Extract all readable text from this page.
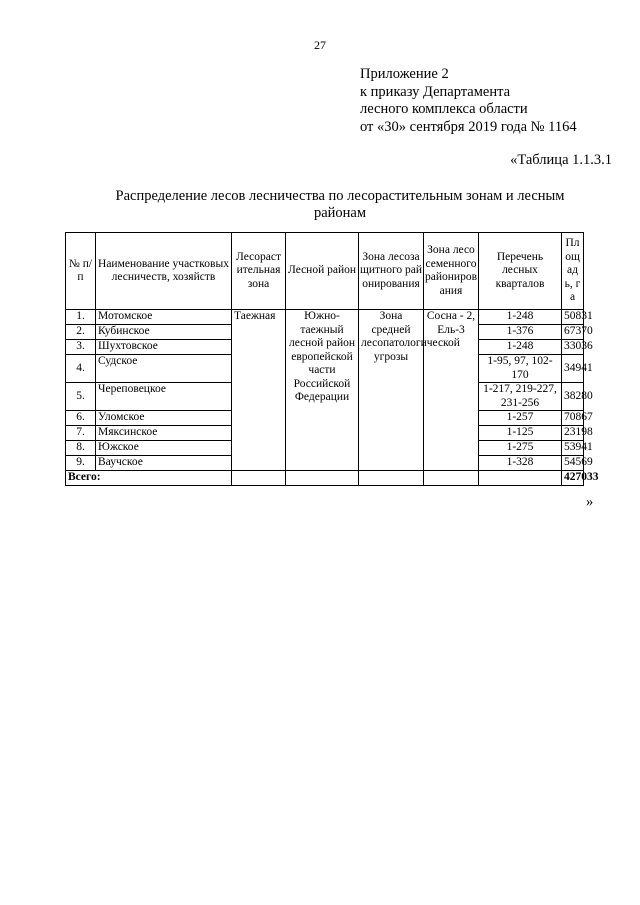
27
Приложение 2
к приказу Департамента
лесного комплекса области
от «30» сентября 2019 года № 1164
«Таблица 1.1.3.1
Распределение лесов лесничества по лесорастительным зонам и лесным
районам
№ п/п	Наименование участковых лесничеств, хозяйств	Лесорастительная зона	Лесной район	Зона лесозащитного районирования	Зона лесосеменного районирования	Перечень лесных кварталов	Площадь, га
1.	Мотомское	Таежная	Южно-таежный лесной район европейской части Российской Федерации	Зона средней лесопатологической угрозы	Сосна - 2, Ель-3	1-248	50831
2.	Кубинское					1-376	67370
3.	Шухтовское					1-248	33036
4.	Судское					1-95, 97, 102-170	34941
5.	Череповецкое					1-217, 219-227, 231-256	38280
6.	Уломское					1-257	70867
7.	Мяксинское					1-125	23198
8.	Южское					1-275	53941
9.	Ваучское					1-328	54569
Всего:							427033
»
